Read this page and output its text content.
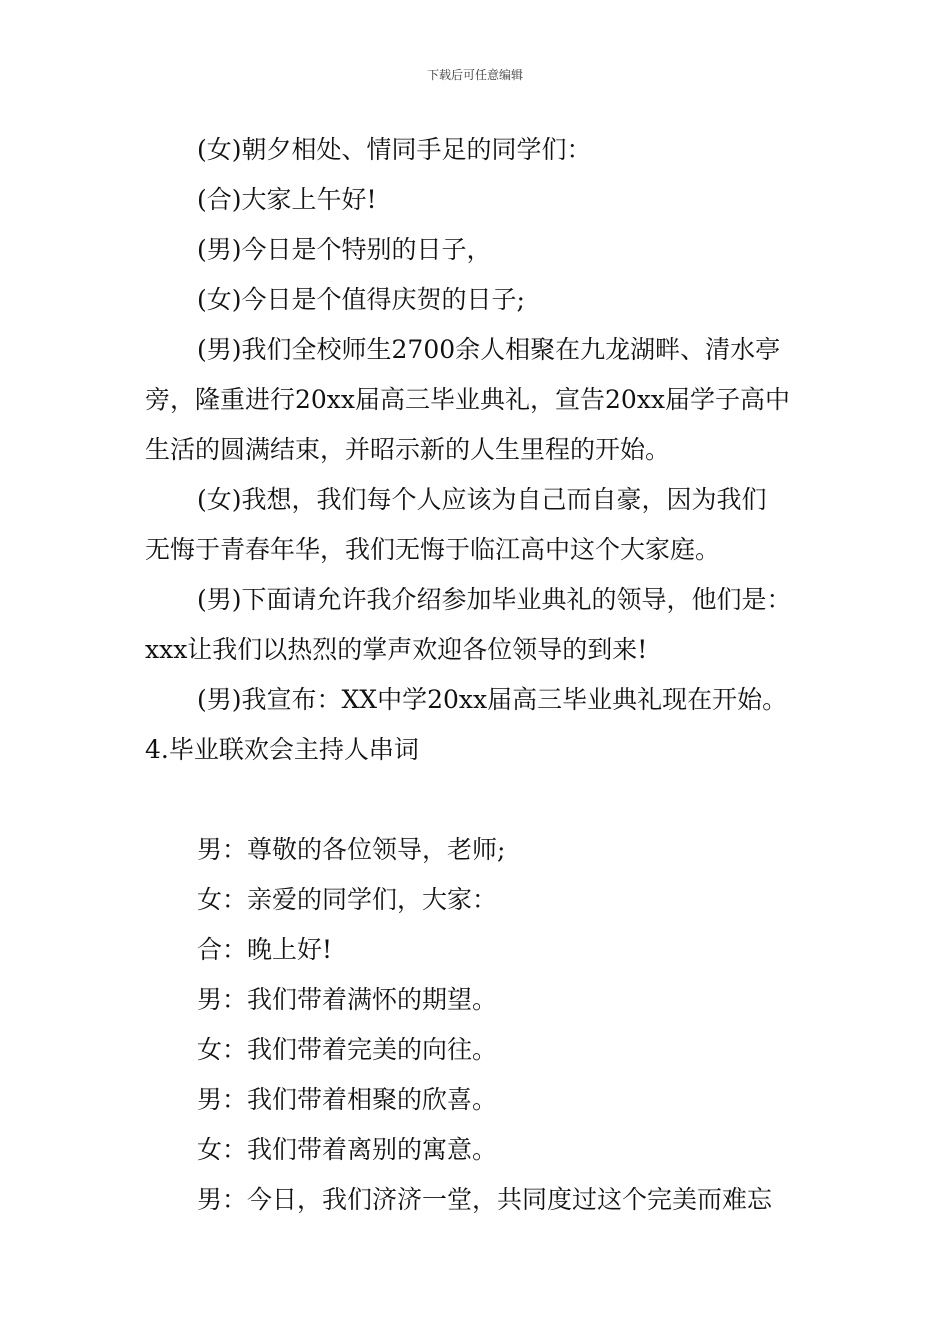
下载后可任意编辑
(女)朝夕相处、情同手足的同学们：
(合)大家上午好!
(男)今日是个特别的日子，
(女)今日是个值得庆贺的日子;
(男)我们全校师生2700余人相聚在九龙湖畔、清水亭
旁，隆重进行20xx届高三毕业典礼，宣告20xx届学子高中
生活的圆满结束，并昭示新的人生里程的开始。
(女)我想，我们每个人应该为自己而自豪，因为我们
无悔于青春年华，我们无悔于临江高中这个大家庭。
(男)下面请允许我介绍参加毕业典礼的领导，他们是：
xxx让我们以热烈的掌声欢迎各位领导的到来!
(男)我宣布：XX中学20xx届高三毕业典礼现在开始。
4.毕业联欢会主持人串词
男：尊敬的各位领导，老师;
女：亲爱的同学们，大家：
合：晚上好!
男：我们带着满怀的期望。
女：我们带着完美的向往。
男：我们带着相聚的欣喜。
女：我们带着离别的寓意。
男：今日，我们济济一堂，共同度过这个完美而难忘
